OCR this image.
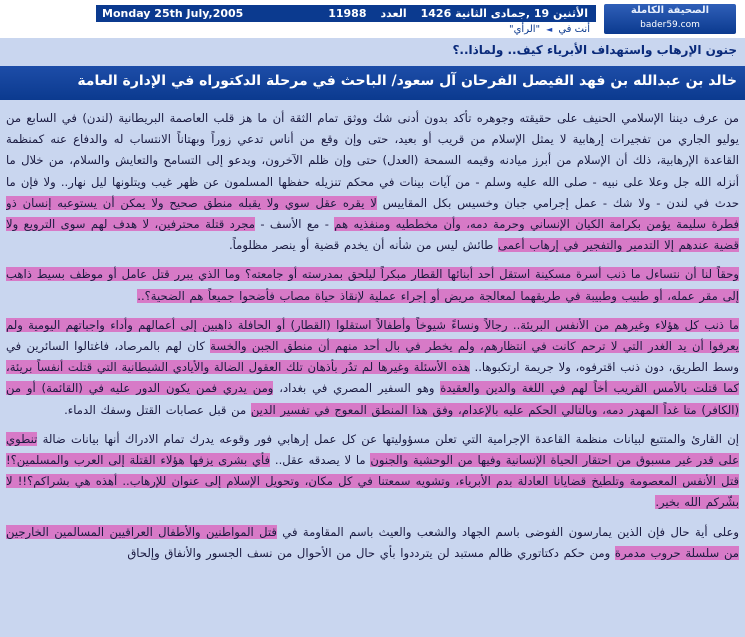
الأثنين 19 ,جمادى الثانية 1426
العدد
11988
Monday 25th July,2005	الصحيفة الكاملة
bader59.com
أنت في
◄
"الرأي"
جنون الإرهاب واستهداف الأبرياء كيف.. ولماذا..؟
خالد بن عبدالله بن فهد الفيصل الفرحان آل سعود/ الباحث في مرحلة الدكتوراه في الإدارة العامة

من عرف ديننا الإسلامي الحنيف على حقيقته وجوهره تأكد بدون أدنى شك ووثق تمام الثقة أن ما هز قلب العاصمة البريطانية (لندن) في السابع من يوليو الجاري من تفجيرات إرهابية لا يمثل الإسلام من قريب أو بعيد، حتى وإن وقع من أناس تدعي زوراً وبهتاناً الانتساب له والدفاع عنه كمنظمة القاعدة الإرهابية، ذلك أن الإسلام من أبرز ميادنه وقيمه السمحة (العدل) حتى وإن ظلم الآخرون، ويدعو إلى التسامح والتعايش والسلام، من خلال ما أنزله الله جل وعلا على نبيه - صلى الله عليه وسلم - من آيات بينات في محكم تنزيله حفظها المسلمون عن ظهر غيب ويتلونها ليل نهار.. ولا فإن ما حدث في لندن - ولا شك - عمل إجرامي جبان وخسيس بكل المقاييس لا يقره عقل سوي ولا يقبله منطق صحيح ولا يمكن أن يستوعبه إنسان ذو فطرة سليمة يؤمن بكرامة الكيان الإنساني وحرمة دمه، وأن مخططيه ومنفذيه هم - مع الأسف - مجرد قتلة محترفين، لا هدف لهم سوى الترويع ولا قضية عندهم إلا التدمير والتفجير في إرهاب أعمى طائش ليس من شأنه أن يخدم قضية أو ينصر مظلوماً.

وحقاً لنا أن نتساءل ما ذنب أسرة مسكينة استقل أحد أبنائها القطار مبكراً ليلحق بمدرسته أو جامعته؟ وما الذي يبرر قتل عامل أو موظف بسيط ذاهب إلى مقر عمله، أو طبيب وطبيبة في طريقهما لمعالجة مريض أو إجراء عملية لإنقاذ حياة مصاب فأضحوا جميعاً هم الضحية؟..

ما ذنب كل هؤلاء وغيرهم من الأنفس البريئة.. رجالاً ونساءً شيوخاً وأطفالاً استقلوا (القطار) أو الحافلة ذاهبين إلى أعمالهم وأداء واجباتهم اليومية ولم يعرفوا أن يد الغدر التي لا ترحم كانت في انتظارهم، ولم يخطر في بال أحد منهم أن منطق الجبن والخسة كان لهم بالمرصاد، فاغتالوا السائرين في وسط الطريق، دون ذنب اقترفوه، ولا جريمة ارتكبوها.. هذه الأسئلة وغيرها لم تدُر بأذهان تلك العقول الضالة والأيادي الشيطانية التي قتلت أنفساً بريئة، كما قتلت بالأمس القريب أخاً لهم في اللغة والدين والعقيدة وهو السفير المصري في بغداد، ومن يدري فمن يكون الدور عليه في (القائمة) أو من (الكافر) متا غداً المهدر دمه، وبالتالي الحكم عليه بالإعدام، وفق هذا المنطق المعوج في تفسير الدين من قبل عصابات القتل وسفك الدماء.

إن القارئ والمتتبع لبيانات منظمة القاعدة الإجرامية التي تعلن مسؤوليتها عن كل عمل إرهابي فور وقوعه يدرك تمام الادراك أنها بيانات ضالة تنطوي على قدر غير مسبوق من احتقار الحياة الإنسانية وفيها من الوحشية والجنون ما لا يصدقه عقل.. فأي بشرى يزفها هؤلاء القتلة إلى العرب والمسلمين؟! قتل الأنفس المعصومة وتلطيخ قضايانا العادلة بدم الأبرياء، وتشويه سمعتنا في كل مكان، وتحويل الإسلام إلى عنوان للإرهاب.. أهذه هي بشراكم؟!! لا بشّركم الله بخير.

وعلى أية حال فإن الذين يمارسون الفوضى باسم الجهاد والشعب والعيث باسم المقاومة في قتل المواطنين والأطفال العراقيين المسالمين الخارجين من سلسلة حروب مدمرة ومن حكم دكتاتوري ظالم مستبد لن يترددوا بأي حال من الأحوال من نسف الجسور والأنفاق وإلحاق
